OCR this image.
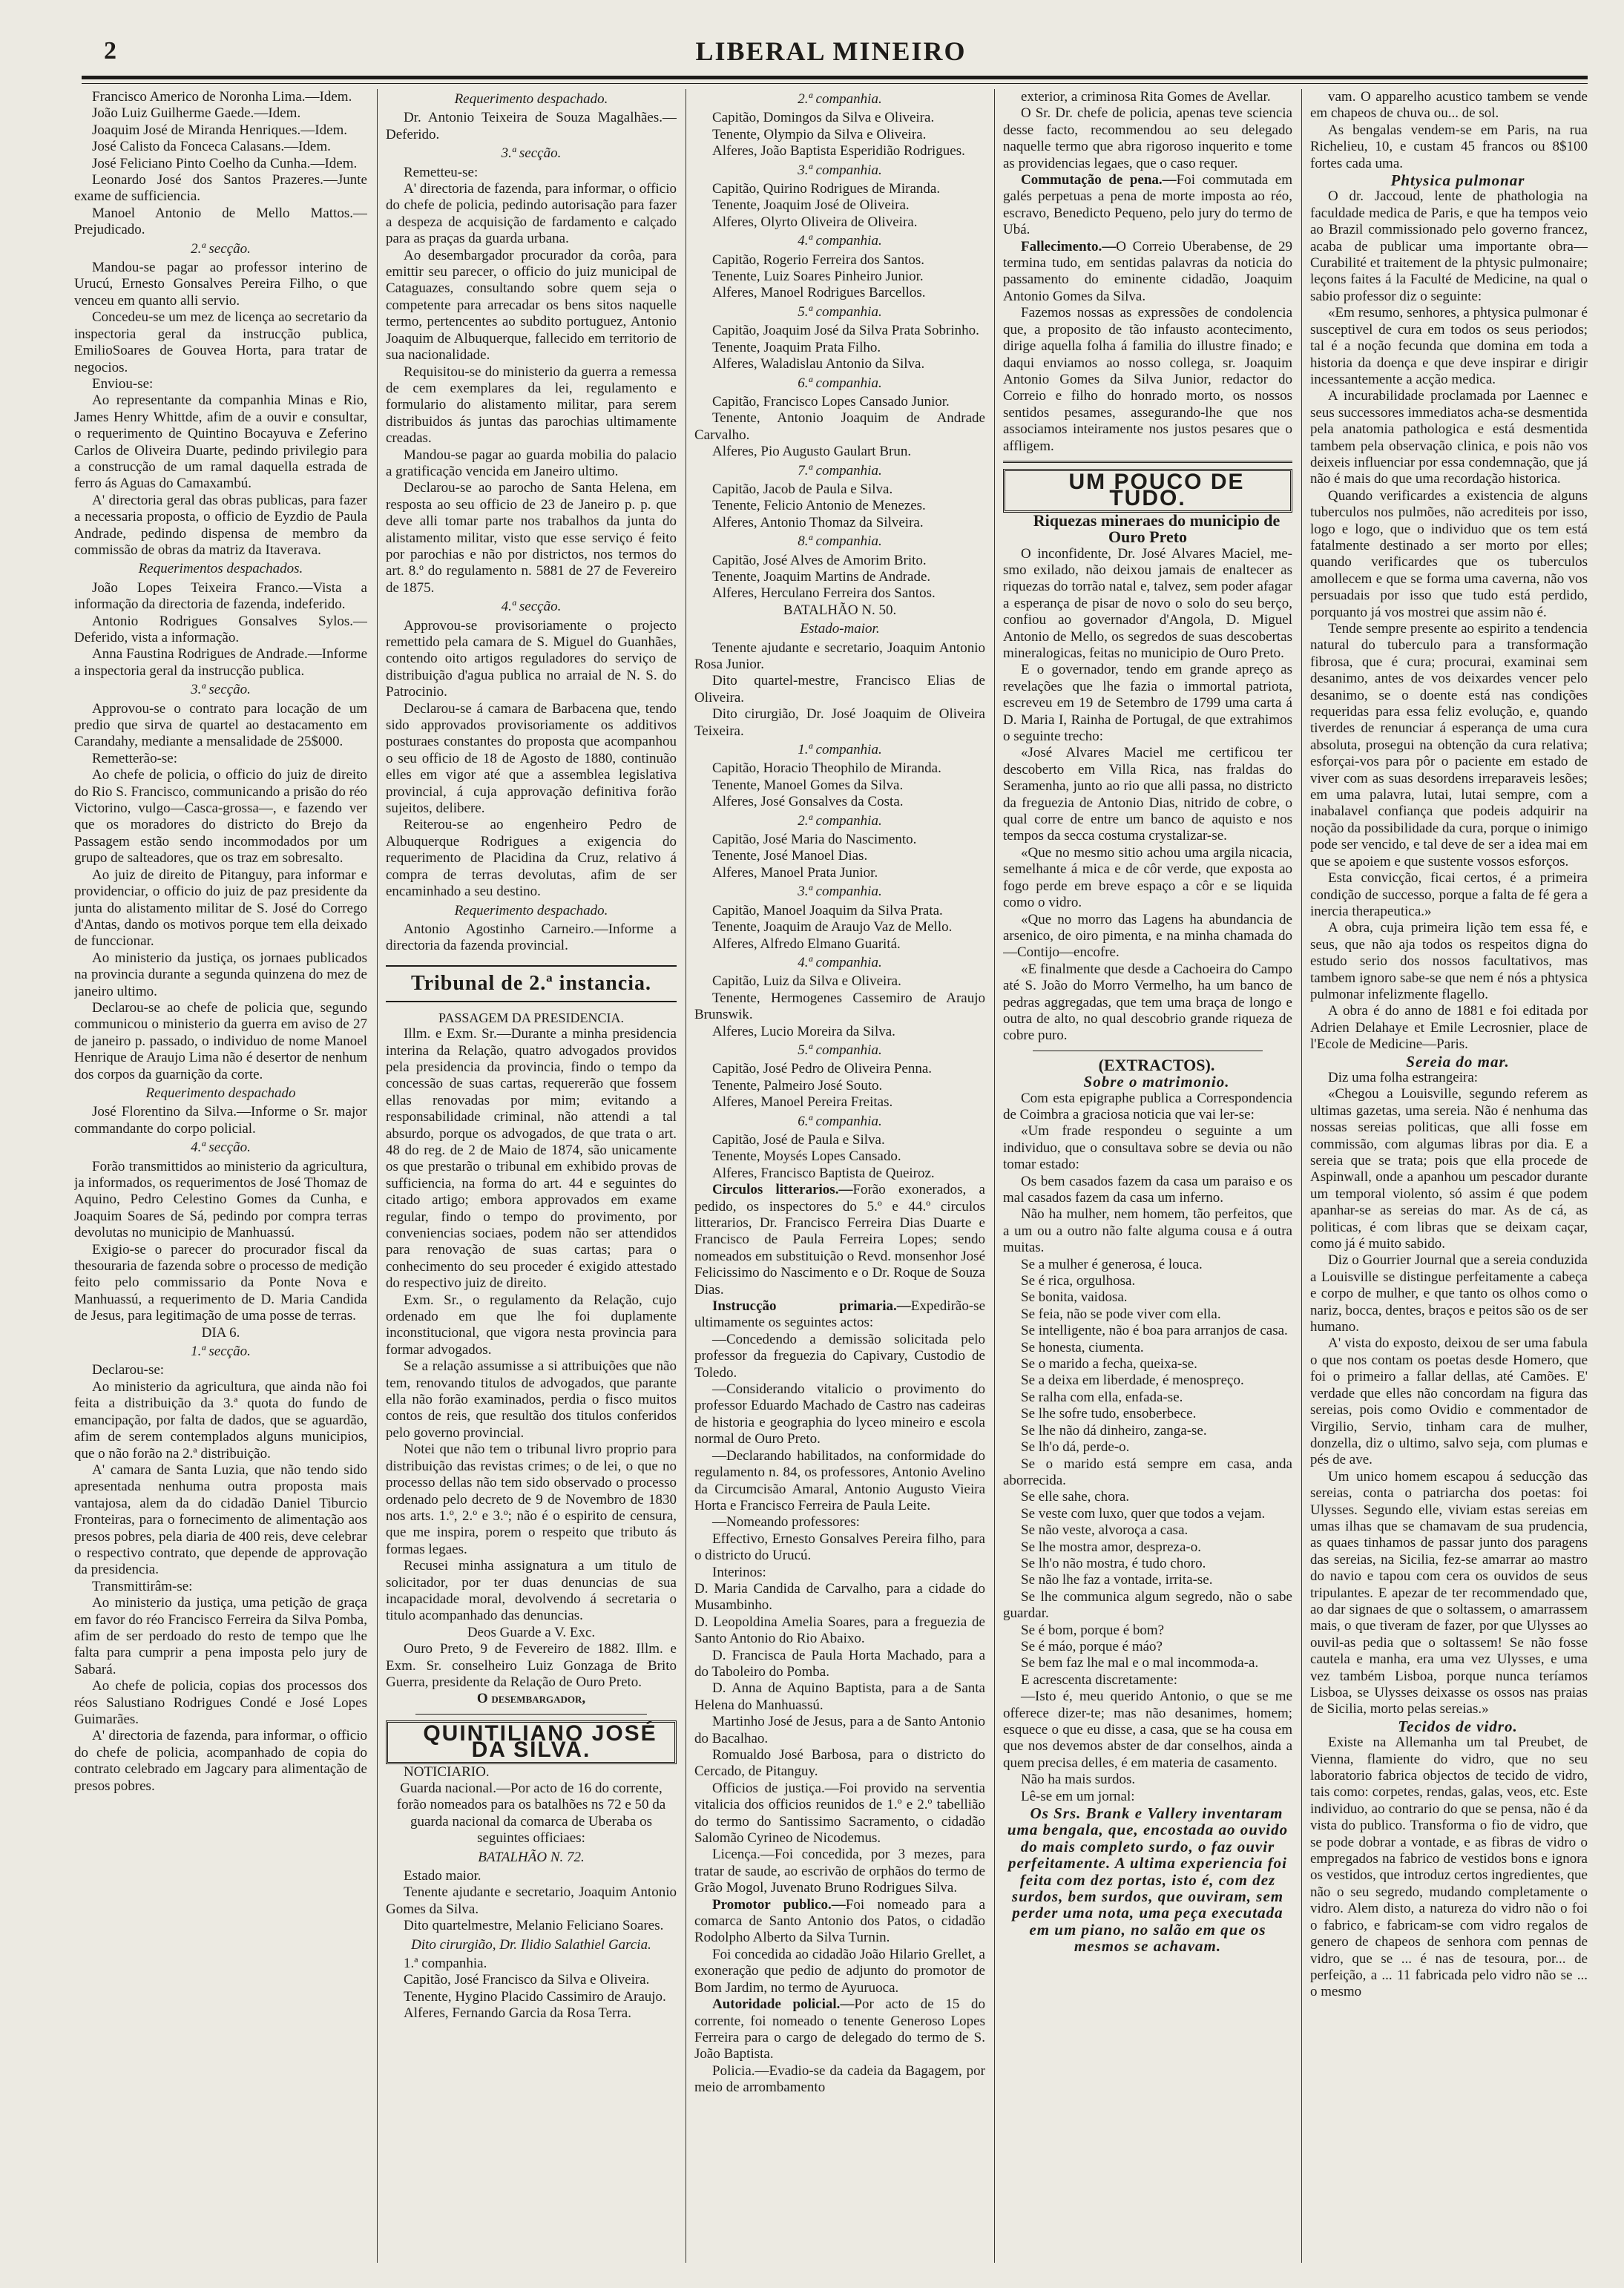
2	LIBERAL MINEIRO

Francisco Americo de Noronha Lima.—Idem.

João Luiz Guilherme Gaede.—Idem.

Joaquim José de Miranda Henriques.—Idem.

José Calisto da Fonceca Calasans.—Idem.

José Feliciano Pinto Coelho da Cunha.—Idem.

Leonardo José dos Santos Prazeres.—Junte exame de sufficiencia.

Manoel Antonio de Mello Mattos.—Prejudicado.

2.ª secção.

Mandou-se pagar ao professor interino de Urucú, Ernesto Gonsalves Pereira Filho, o que venceu em quanto alli servio.

Concedeu-se um mez de licença ao secretario da inspectoria geral da instrucção publica, EmilioSoares de Gouvea Horta, para tratar de negocios.

Enviou-se:

Ao representante da companhia Minas e Rio, James Henry Whittde, afim de a ouvir e consultar, o requerimento de Quintino Bocayuva e Zeferino Carlos de Oliveira Duarte, pedindo privilegio para a construcção de um ramal daquella estrada de ferro ás Aguas do Camaxambú.

A' directoria geral das obras publicas, para fazer a necessaria proposta, o officio de Eyzdio de Paula Andrade, pedindo dispensa de membro da commissão de obras da matriz da Itaverava.

Requerimentos despachados.

João Lopes Teixeira Franco.—Vista a informação da directoria de fazenda, indeferido.

Antonio Rodrigues Gonsalves Sylos.—Deferido, vista a informação.

Anna Faustina Rodrigues de Andrade.—Informe a inspectoria geral da instrucção publica.

3.ª secção.

Approvou-se o contrato para locação de um predio que sirva de quartel ao destacamento em Carandahy, mediante a mensalidade de 25$000.

Remetterão-se:

Ao chefe de policia, o officio do juiz de direito do Rio S. Francisco, communicando a prisão do réo Victorino, vulgo—Casca-grossa—, e fazendo ver que os moradores do districto do Brejo da Passagem estão sendo incommodados por um grupo de salteadores, que os traz em sobresalto.

Ao juiz de direito de Pitanguy, para informar e providenciar, o officio do juiz de paz presidente da junta do alistamento militar de S. José do Corrego d'Antas, dando os motivos porque tem ella deixado de funccionar.

Ao ministerio da justiça, os jornaes publicados na provincia durante a segunda quinzena do mez de janeiro ultimo.

Declarou-se ao chefe de policia que, segundo communicou o ministerio da guerra em aviso de 27 de janeiro p. passado, o individuo de nome Manoel Henrique de Araujo Lima não é desertor de nenhum dos corpos da guarnição da corte.

Requerimento despachado

José Florentino da Silva.—Informe o Sr. major commandante do corpo policial.

4.ª secção.

Forão transmittidos ao ministerio da agricultura, ja informados, os requerimentos de José Thomaz de Aquino, Pedro Celestino Gomes da Cunha, e Joaquim Soares de Sá, pedindo por compra terras devolutas no municipio de Manhuassú.

Exigio-se o parecer do procurador fiscal da thesouraria de fazenda sobre o processo de medição feito pelo commissario da Ponte Nova e Manhuassú, a requerimento de D. Maria Candida de Jesus, para legitimação de uma posse de terras.

DIA 6.

1.ª secção.

Declarou-se:

Ao ministerio da agricultura, que ainda não foi feita a distribuição da 3.ª quota do fundo de emancipação, por falta de dados, que se aguardão, afim de serem contemplados alguns municipios, que o não forão na 2.ª distribuição.

A' camara de Santa Luzia, que não tendo sido apresentada nenhuma outra proposta mais vantajosa, alem da do cidadão Daniel Tiburcio Fronteiras, para o fornecimento de alimentação aos presos pobres, pela diaria de 400 reis, deve celebrar o respectivo contrato, que depende de approvação da presidencia.

Transmittirâm-se:

Ao ministerio da justiça, uma petição de graça em favor do réo Francisco Ferreira da Silva Pomba, afim de ser perdoado do resto de tempo que lhe falta para cumprir a pena imposta pelo jury de Sabará.

Ao chefe de policia, copias dos processos dos réos Salustiano Rodrigues Condé e José Lopes Guimarães.

A' directoria de fazenda, para informar, o officio do chefe de policia, acompanhado de copia do contrato celebrado em Jagcary para alimentação de presos pobres.

Requerimento despachado.

Dr. Antonio Teixeira de Souza Magalhães.—Deferido.

3.ª secção.

Remetteu-se:

A' directoria de fazenda, para informar, o officio do chefe de policia, pedindo autorisação para fazer a despeza de acquisição de fardamento e calçado para as praças da guarda urbana.

Ao desembargador procurador da corôa, para emittir seu parecer, o officio do juiz municipal de Cataguazes, consultando sobre quem seja o competente para arrecadar os bens sitos naquelle termo, pertencentes ao subdito portuguez, Antonio Joaquim de Albuquerque, fallecido em territorio de sua nacionalidade.

Requisitou-se do ministerio da guerra a remessa de cem exemplares da lei, regulamento e formulario do alistamento militar, para serem distribuidos ás juntas das parochias ultimamente creadas.

Mandou-se pagar ao guarda mobilia do palacio a gratificação vencida em Janeiro ultimo.

Declarou-se ao parocho de Santa Helena, em resposta ao seu officio de 23 de Janeiro p. p. que deve alli tomar parte nos trabalhos da junta do alistamento militar, visto que esse serviço é feito por parochias e não por districtos, nos termos do art. 8.º do regulamento n. 5881 de 27 de Fevereiro de 1875.

4.ª secção.

Approvou-se provisoriamente o projecto remettido pela camara de S. Miguel do Guanhães, contendo oito artigos reguladores do serviço de distribuição d'agua publica no arraial de N. S. do Patrocinio.

Declarou-se á camara de Barbacena que, tendo sido approvados provisoriamente os additivos posturaes constantes do proposta que acompanhou o seu officio de 18 de Agosto de 1880, continuão elles em vigor até que a assemblea legislativa provincial, á cuja approvação definitiva forão sujeitos, delibere.

Reiterou-se ao engenheiro Pedro de Albuquerque Rodrigues a exigencia do requerimento de Placidina da Cruz, relativo á compra de terras devolutas, afim de ser encaminhado a seu destino.

Requerimento despachado.

Antonio Agostinho Carneiro.—Informe a directoria da fazenda provincial.

Tribunal de 2.ª instancia.

PASSAGEM DA PRESIDENCIA.

Illm. e Exm. Sr.—Durante a minha presidencia interina da Relação, quatro advogados providos pela presidencia da provincia, findo o tempo da concessão de suas cartas, requererão que fossem ellas renovadas por mim; evitando a responsabilidade criminal, não attendi a tal absurdo, porque os advogados, de que trata o art. 48 do reg. de 2 de Maio de 1874, são unicamente os que prestarão o tribunal em exhibido provas de sufficiencia, na forma do art. 44 e seguintes do citado artigo; embora approvados em exame regular, findo o tempo do provimento, por conveniencias sociaes, podem não ser attendidos para renovação de suas cartas; para o conhecimento do seu proceder é exigido attestado do respectivo juiz de direito.

Exm. Sr., o regulamento da Relação, cujo ordenado em que lhe foi duplamente inconstitucional, que vigora nesta provincia para formar advogados.

Se a relação assumisse a si attribuições que não tem, renovando titulos de advogados, que parante ella não forão examinados, perdia o fisco muitos contos de reis, que resultão dos titulos conferidos pelo governo provincial.

Notei que não tem o tribunal livro proprio para distribuição das revistas crimes; o de lei, o que no processo dellas não tem sido observado o processo ordenado pelo decreto de 9 de Novembro de 1830 nos arts. 1.º, 2.º e 3.º; não é o espirito de censura, que me inspira, porem o respeito que tributo ás formas legaes.

Recusei minha assignatura a um titulo de solicitador, por ter duas denuncias de sua incapacidade moral, devolvendo á secretaria o titulo acompanhado das denuncias.

Deos Guarde a V. Exc.

Ouro Preto, 9 de Fevereiro de 1882. Illm. e Exm. Sr. conselheiro Luiz Gonzaga de Brito Guerra, presidente da Relação de Ouro Preto.

O desembargador,

QUINTILIANO JOSÉ DA SILVA.

NOTICIARIO.

Guarda nacional.—Por acto de 16 do corrente, forão nomeados para os batalhões ns 72 e 50 da guarda nacional da comarca de Uberaba os seguintes officiaes:

BATALHÃO N. 72.

Estado maior.

Tenente ajudante e secretario, Joaquim Antonio Gomes da Silva.

Dito quartelmestre, Melanio Feliciano Soares.

Dito cirurgião, Dr. Ilidio Salathiel Garcia.

1.ª companhia.

Capitão, José Francisco da Silva e Oliveira.

Tenente, Hygino Placido Cassimiro de Araujo.

Alferes, Fernando Garcia da Rosa Terra.

2.ª companhia.

Capitão, Domingos da Silva e Oliveira.

Tenente, Olympio da Silva e Oliveira.

Alferes, João Baptista Esperidião Rodrigues.

3.ª companhia.

Capitão, Quirino Rodrigues de Miranda.

Tenente, Joaquim José de Oliveira.

Alferes, Olyrto Oliveira de Oliveira.

4.ª companhia.

Capitão, Rogerio Ferreira dos Santos.

Tenente, Luiz Soares Pinheiro Junior.

Alferes, Manoel Rodrigues Barcellos.

5.ª companhia.

Capitão, Joaquim José da Silva Prata Sobrinho.

Tenente, Joaquim Prata Filho.

Alferes, Waladislau Antonio da Silva.

6.ª companhia.

Capitão, Francisco Lopes Cansado Junior.

Tenente, Antonio Joaquim de Andrade Carvalho.

Alferes, Pio Augusto Gaulart Brun.

7.ª companhia.

Capitão, Jacob de Paula e Silva.

Tenente, Felicio Antonio de Menezes.

Alferes, Antonio Thomaz da Silveira.

8.ª companhia.

Capitão, José Alves de Amorim Brito.

Tenente, Joaquim Martins de Andrade.

Alferes, Herculano Ferreira dos Santos.

BATALHÃO N. 50.

Estado-maior.

Tenente ajudante e secretario, Joaquim Antonio Rosa Junior.

Dito quartel-mestre, Francisco Elias de Oliveira.

Dito cirurgião, Dr. José Joaquim de Oliveira Teixeira.

1.ª companhia.

Capitão, Horacio Theophilo de Miranda.

Tenente, Manoel Gomes da Silva.

Alferes, José Gonsalves da Costa.

2.ª companhia.

Capitão, José Maria do Nascimento.

Tenente, José Manoel Dias.

Alferes, Manoel Prata Junior.

3.ª companhia.

Capitão, Manoel Joaquim da Silva Prata.

Tenente, Joaquim de Araujo Vaz de Mello.

Alferes, Alfredo Elmano Guaritá.

4.ª companhia.

Capitão, Luiz da Silva e Oliveira.

Tenente, Hermogenes Cassemiro de Araujo Brunswik.

Alferes, Lucio Moreira da Silva.

5.ª companhia.

Capitão, José Pedro de Oliveira Penna.

Tenente, Palmeiro José Souto.

Alferes, Manoel Pereira Freitas.

6.ª companhia.

Capitão, José de Paula e Silva.

Tenente, Moysés Lopes Cansado.

Alferes, Francisco Baptista de Queiroz.

Circulos litterarios.—Forão exonerados, a pedido, os inspectores do 5.º e 44.º circulos litterarios, Dr. Francisco Ferreira Dias Duarte e Francisco de Paula Ferreira Lopes; sendo nomeados em substituição o Revd. monsenhor José Felicissimo do Nascimento e o Dr. Roque de Souza Dias.

Instrucção primaria.—Expedirão-se ultimamente os seguintes actos:

—Concedendo a demissão solicitada pelo professor da freguezia do Capivary, Custodio de Toledo.

—Considerando vitalicio o provimento do professor Eduardo Machado de Castro nas cadeiras de historia e geographia do lyceo mineiro e escola normal de Ouro Preto.

—Declarando habilitados, na conformidade do regulamento n. 84, os professores, Antonio Avelino da Circumcisão Amaral, Antonio Augusto Vieira Horta e Francisco Ferreira de Paula Leite.

—Nomeando professores:

Effectivo, Ernesto Gonsalves Pereira filho, para o districto do Urucú.

Interinos:

D. Maria Candida de Carvalho, para a cidade do Musambinho.

D. Leopoldina Amelia Soares, para a freguezia de Santo Antonio do Rio Abaixo.

D. Francisca de Paula Horta Machado, para a do Taboleiro do Pomba.

D. Anna de Aquino Baptista, para a de Santa Helena do Manhuassú.

Martinho José de Jesus, para a de Santo Antonio do Bacalhao.

Romualdo José Barbosa, para o districto do Cercado, de Pitanguy.

Officios de justiça.—Foi provido na serventia vitalicia dos officios reunidos de 1.º e 2.º tabellião do termo do Santissimo Sacramento, o cidadão Salomão Cyrineo de Nicodemus.

Licença.—Foi concedida, por 3 mezes, para tratar de saude, ao escrivão de orphãos do termo de Grão Mogol, Juvenato Bruno Rodrigues Silva.

Promotor publico.—Foi nomeado para a comarca de Santo Antonio dos Patos, o cidadão Rodolpho Alberto da Silva Turnin.

Foi concedida ao cidadão João Hilario Grellet, a exoneração que pedio de adjunto do promotor de Bom Jardim, no termo de Ayuruoca.

Autoridade policial.—Por acto de 15 do corrente, foi nomeado o tenente Generoso Lopes Ferreira para o cargo de delegado do termo de S. João Baptista.

Policia.—Evadio-se da cadeia da Bagagem, por meio de arrombamento

exterior, a criminosa Rita Gomes de Avellar.

O Sr. Dr. chefe de policia, apenas teve sciencia desse facto, recommendou ao seu delegado naquelle termo que abra rigoroso inquerito e tome as providencias legaes, que o caso requer.

Commutação de pena.—Foi commutada em galés perpetuas a pena de morte imposta ao réo, escravo, Benedicto Pequeno, pelo jury do termo de Ubá.

Fallecimento.—O Correio Uberabense, de 29 termina tudo, em sentidas palavras da noticia do passamento do eminente cidadão, Joaquim Antonio Gomes da Silva.

Fazemos nossas as expressões de condolencia que, a proposito de tão infausto acontecimento, dirige aquella folha á familia do illustre finado; e daqui enviamos ao nosso collega, sr. Joaquim Antonio Gomes da Silva Junior, redactor do Correio e filho do honrado morto, os nossos sentidos pesames, assegurando-lhe que nos associamos inteiramente nos justos pesares que o affligem.

UM POUCO DE TUDO.

Riquezas mineraes do municipio de Ouro Preto

O inconfidente, Dr. José Alvares Maciel, me-smo exilado, não deixou jamais de enaltecer as riquezas do torrão natal e, talvez, sem poder afagar a esperança de pisar de novo o solo do seu berço, confiou ao governador d'Angola, D. Miguel Antonio de Mello, os segredos de suas descobertas mineralogicas, feitas no municipio de Ouro Preto.

E o governador, tendo em grande apreço as revelações que lhe fazia o immortal patriota, escreveu em 19 de Setembro de 1799 uma carta á D. Maria I, Rainha de Portugal, de que extrahimos o seguinte trecho:

«José Alvares Maciel me certificou ter descoberto em Villa Rica, nas fraldas do Seramenha, junto ao rio que alli passa, no districto da freguezia de Antonio Dias, nitrido de cobre, o qual corre de entre um banco de aquisto e nos tempos da secca costuma crystalizar-se.

«Que no mesmo sitio achou uma argila nicacia, semelhante á mica e de côr verde, que exposta ao fogo perde em breve espaço a côr e se liquida como o vidro.

«Que no morro das Lagens ha abundancia de arsenico, de oiro pimenta, e na minha chamada do—Contijo—encofre.

«E finalmente que desde a Cachoeira do Campo até S. João do Morro Vermelho, ha um banco de pedras aggregadas, que tem uma braça de longo e outra de alto, no qual descobrio grande riqueza de cobre puro.

(EXTRACTOS).

Sobre o matrimonio.

Com esta epigraphe publica a Correspondencia de Coimbra a graciosa noticia que vai ler-se:

«Um frade respondeu o seguinte a um individuo, que o consultava sobre se devia ou não tomar estado:

Os bem casados fazem da casa um paraiso e os mal casados fazem da casa um inferno.

Não ha mulher, nem homem, tão perfeitos, que a um ou a outro não falte alguma cousa e á outra muitas.

Se a mulher é generosa, é louca.

Se é rica, orgulhosa.

Se bonita, vaidosa.

Se feia, não se pode viver com ella.

Se intelligente, não é boa para arranjos de casa.

Se honesta, ciumenta.

Se o marido a fecha, queixa-se.

Se a deixa em liberdade, é menospreço.

Se ralha com ella, enfada-se.

Se lhe sofre tudo, ensoberbece.

Se lhe não dá dinheiro, zanga-se.

Se lh'o dá, perde-o.

Se o marido está sempre em casa, anda aborrecida.

Se elle sahe, chora.

Se veste com luxo, quer que todos a vejam.

Se não veste, alvoroça a casa.

Se lhe mostra amor, despreza-o.

Se lh'o não mostra, é tudo choro.

Se não lhe faz a vontade, irrita-se.

Se lhe communica algum segredo, não o sabe guardar.

Se é bom, porque é bom?

Se é máo, porque é máo?

Se bem faz lhe mal e o mal incommoda-a.

E acrescenta discretamente:

—Isto é, meu querido Antonio, o que se me offerece dizer-te; mas não desanimes, homem; esquece o que eu disse, a casa, que se ha cousa em que nos devemos abster de dar conselhos, ainda a quem precisa delles, é em materia de casamento.

Não ha mais surdos.

Lê-se em um jornal:

Os Srs. Brank e Vallery inventaram uma bengala, que, encostada ao ouvido do mais completo surdo, o faz ouvir perfeitamente. A ultima experiencia foi feita com dez portas, isto é, com dez surdos, bem surdos, que ouviram, sem perder uma nota, uma peça executada em um piano, no salão em que os mesmos se achavam.

vam. O apparelho acustico tambem se vende em chapeos de chuva ou... de sol.

As bengalas vendem-se em Paris, na rua Richelieu, 10, e custam 45 francos ou 8$100 fortes cada uma.

Phtysica pulmonar

O dr. Jaccoud, lente de phathologia na faculdade medica de Paris, e que ha tempos veio ao Brazil commissionado pelo governo francez, acaba de publicar uma importante obra—Curabilité et traitement de la phtysic pulmonaire; leçons faites á la Faculté de Medicine, na qual o sabio professor diz o seguinte:

«Em resumo, senhores, a phtysica pulmonar é susceptivel de cura em todos os seus periodos; tal é a noção fecunda que domina em toda a historia da doença e que deve inspirar e dirigir incessantemente a acção medica.

A incurabilidade proclamada por Laennec e seus successores immediatos acha-se desmentida pela anatomia pathologica e está desmentida tambem pela observação clinica, e pois não vos deixeis influenciar por essa condemnação, que já não é mais do que uma recordação historica.

Quando verificardes a existencia de alguns tuberculos nos pulmões, não acrediteis por isso, logo e logo, que o individuo que os tem está fatalmente destinado a ser morto por elles; quando verificardes que os tuberculos amollecem e que se forma uma caverna, não vos persuadais por isso que tudo está perdido, porquanto já vos mostrei que assim não é.

Tende sempre presente ao espirito a tendencia natural do tuberculo para a transformação fibrosa, que é cura; procurai, examinai sem desanimo, antes de vos deixardes vencer pelo desanimo, se o doente está nas condições requeridas para essa feliz evolução, e, quando tiverdes de renunciar á esperança de uma cura absoluta, prosegui na obtenção da cura relativa; esforçai-vos para pôr o paciente em estado de viver com as suas desordens irreparaveis lesões; em uma palavra, lutai, lutai sempre, com a inabalavel confiança que podeis adquirir na noção da possibilidade da cura, porque o inimigo pode ser vencido, e tal deve de ser a idea mai em que se apoiem e que sustente vossos esforços.

Esta convicção, ficai certos, é a primeira condição de successo, porque a falta de fé gera a inercia therapeutica.»

A obra, cuja primeira lição tem essa fé, e seus, que não aja todos os respeitos digna do estudo serio dos nossos facultativos, mas tambem ignoro sabe-se que nem é nós a phtysica pulmonar infelizmente flagello.

A obra é do anno de 1881 e foi editada por Adrien Delahaye et Emile Lecrosnier, place de l'Ecole de Medicine—Paris.

Sereia do mar.

Diz uma folha estrangeira:

«Chegou a Louisville, segundo referem as ultimas gazetas, uma sereia. Não é nenhuma das nossas sereias politicas, que alli fosse em commissão, com algumas libras por dia. E a sereia que se trata; pois que ella procede de Aspinwall, onde a apanhou um pescador durante um temporal violento, só assim é que podem apanhar-se as sereias do mar. As de cá, as politicas, é com libras que se deixam caçar, como já é muito sabido.

Diz o Gourrier Journal que a sereia conduzida a Louisville se distingue perfeitamente a cabeça e corpo de mulher, e que tanto os olhos como o nariz, bocca, dentes, braços e peitos são os de ser humano.

A' vista do exposto, deixou de ser uma fabula o que nos contam os poetas desde Homero, que foi o primeiro a fallar dellas, até Camões. E' verdade que elles não concordam na figura das sereias, pois como Ovidio e commentador de Virgilio, Servio, tinham cara de mulher, donzella, diz o ultimo, salvo seja, com plumas e pés de ave.

Um unico homem escapou á seducção das sereias, conta o patriarcha dos poetas: foi Ulysses. Segundo elle, viviam estas sereias em umas ilhas que se chamavam de sua prudencia, as quaes tinhamos de passar junto dos paragens das sereias, na Sicilia, fez-se amarrar ao mastro do navio e tapou com cera os ouvidos de seus tripulantes. E apezar de ter recommendado que, ao dar signaes de que o soltassem, o amarrassem mais, o que tiveram de fazer, por que Ulysses ao ouvil-as pedia que o soltassem! Se não fosse cautela e manha, era uma vez Ulysses, e uma vez também Lisboa, porque nunca teríamos Lisboa, se Ulysses deixasse os ossos nas praias de Sicilia, morto pelas sereias.»

Tecidos de vidro.

Existe na Allemanha um tal Preubet, de Vienna, flamiente do vidro, que no seu laboratorio fabrica objectos de tecido de vidro, tais como: corpetes, rendas, galas, veos, etc. Este individuo, ao contrario do que se pensa, não é da vista do publico. Transforma o fio de vidro, que se pode dobrar a vontade, e as fibras de vidro o empregados na fabrico de vestidos bons e ignora os vestidos, que introduz certos ingredientes, que não o seu segredo, mudando completamente o vidro. Alem disto, a natureza do vidro não o foi o fabrico, e fabricam-se com vidro regalos de genero de chapeos de senhora com pennas de vidro, que se ... é nas de tesoura, por... de perfeição, a ... 11 fabricada pelo vidro não se ... o mesmo
